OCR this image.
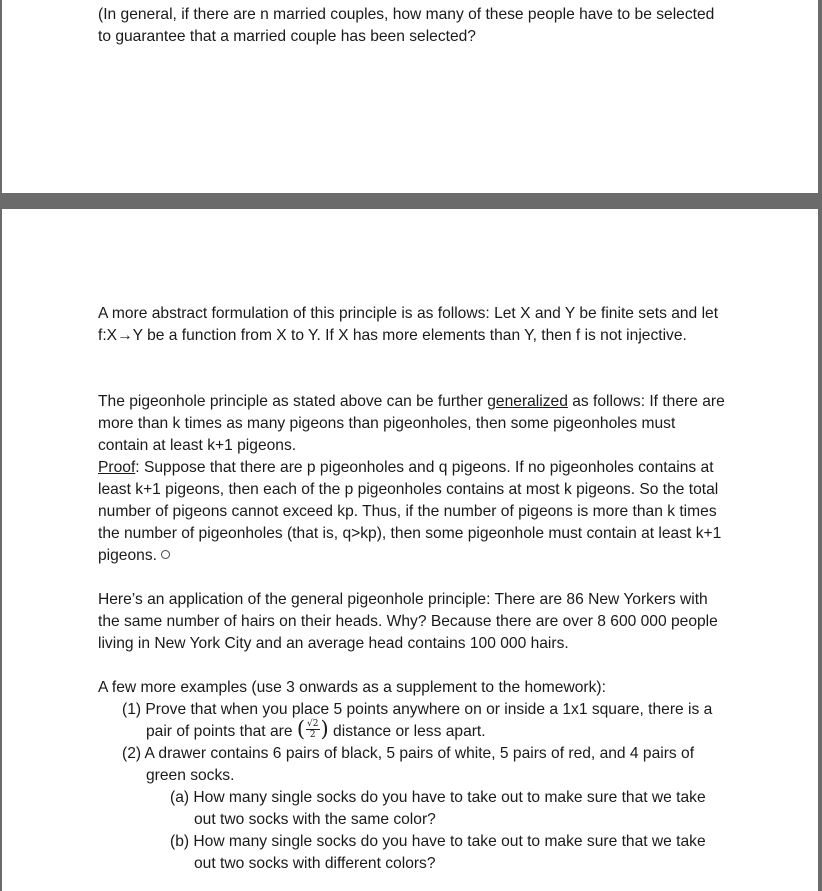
(In general, if there are n married couples, how many of these people have to be selected to guarantee that a married couple has been selected?

A more abstract formulation of this principle is as follows: Let X and Y be finite sets and let f:X→Y be a function from X to Y. If X has more elements than Y, then f is not injective.

The pigeonhole principle as stated above can be further generalized as follows: If there are more than k times as many pigeons than pigeonholes, then some pigeonholes must contain at least k+1 pigeons.
Proof: Suppose that there are p pigeonholes and q pigeons. If no pigeonholes contains at least k+1 pigeons, then each of the p pigeonholes contains at most k pigeons. So the total number of pigeons cannot exceed kp. Thus, if the number of pigeons is more than k times the number of pigeonholes (that is, q>kp), then some pigeonhole must contain at least k+1 pigeons.

Here’s an application of the general pigeonhole principle: There are 86 New Yorkers with the same number of hairs on their heads. Why? Because there are over 8 600 000 people living in New York City and an average head contains 100 000 hairs.

A few more examples (use 3 onwards as a supplement to the homework):
(1) Prove that when you place 5 points anywhere on or inside a 1x1 square, there is a pair of points that are ( $\frac{√2}{2}$ ) distance or less apart.
(2) A drawer contains 6 pairs of black, 5 pairs of white, 5 pairs of red, and 4 pairs of green socks.
(a) How many single socks do you have to take out to make sure that we take out two socks with the same color?
(b) How many single socks do you have to take out to make sure that we take out two socks with different colors?
